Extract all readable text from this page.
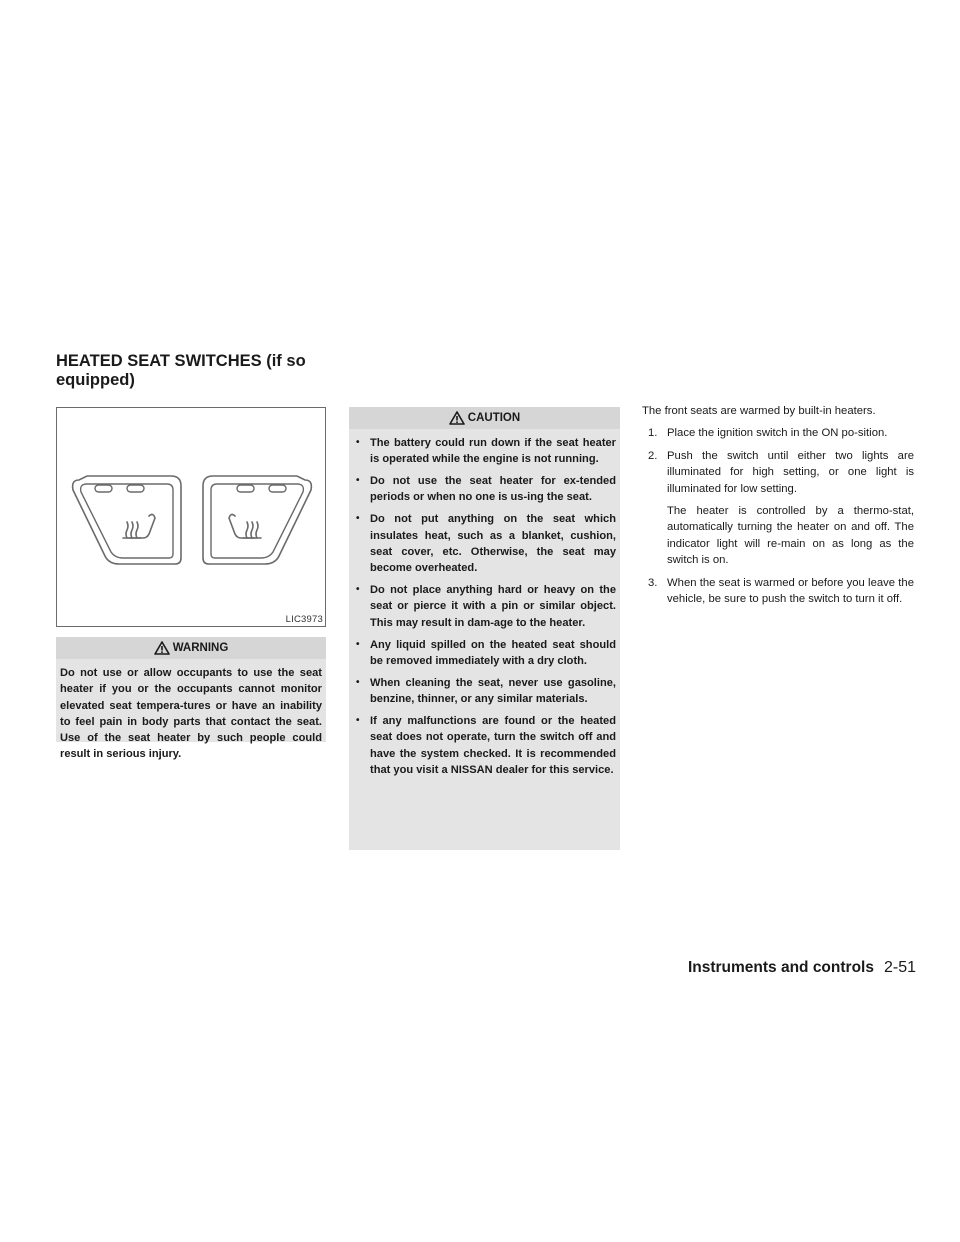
HEATED SEAT SWITCHES (if so equipped)
LIC3973
WARNING

Do not use or allow occupants to use the seat heater if you or the occupants cannot monitor elevated seat tempera-tures or have an inability to feel pain in body parts that contact the seat. Use of the seat heater by such people could result in serious injury.

CAUTION
• The battery could run down if the seat heater is operated while the engine is not running.
• Do not use the seat heater for ex-tended periods or when no one is us-ing the seat.
• Do not put anything on the seat which insulates heat, such as a blanket, cushion, seat cover, etc. Otherwise, the seat may become overheated.
• Do not place anything hard or heavy on the seat or pierce it with a pin or similar object. This may result in dam-age to the heater.
• Any liquid spilled on the heated seat should be removed immediately with a dry cloth.
• When cleaning the seat, never use gasoline, benzine, thinner, or any similar materials.
• If any malfunctions are found or the heated seat does not operate, turn the switch off and have the system checked. It is recommended that you visit a NISSAN dealer for this service.

The front seats are warmed by built-in heaters.

1. Place the ignition switch in the ON po-sition.
2. Push the switch until either two lights are illuminated for high setting, or one light is illuminated for low setting.

The heater is controlled by a thermo-stat, automatically turning the heater on and off. The indicator light will re-main on as long as the switch is on.

3. When the seat is warmed or before you leave the vehicle, be sure to push the switch to turn it off.
Instruments and controls 2-51
